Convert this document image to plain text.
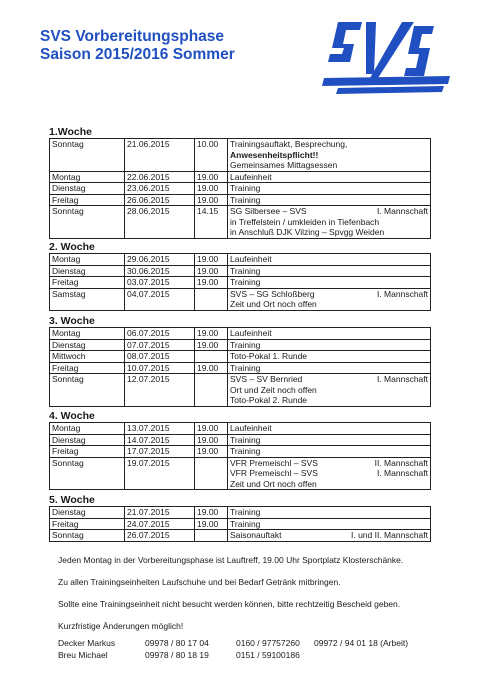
SVS Vorbereitungsphase
Saison 2015/2016 Sommer
1.Woche
Sonntag	21.06.2015	10.00	Trainingsauftakt, Besprechung,
Anwesenheitspflicht!!
Gemeinsames Mittagsessen

Montag	22.06.2015	19.00	Laufeinheit
Dienstag	23.06.2015	19.00	Training
Freitag	26.06.2015	19.00	Training
Sonntag	28.06.2015	14.15	SG Silbersee – SVS I. Mannschaft
in Treffelstein / umkleiden in Tiefenbach
in Anschluß DJK Vilzing – Spvgg Weiden
2. Woche
Montag	29.06.2015	19.00	Laufeinheit
Dienstag	30.06.2015	19.00	Training
Freitag	03.07.2015	19.00	Training
Samstag	04.07.2015		SVS – SG Schloßberg I. Mannschaft
Zeit und Ort noch offen
3. Woche
Montag	06.07.2015	19.00	Laufeinheit
Dienstag	07.07.2015	19.00	Training
Mittwoch	08.07.2015		Toto-Pokal 1. Runde
Freitag	10.07.2015	19.00	Training
Sonntag	12.07.2015		SVS – SV Bernried I. Mannschaft
Ort und Zeit noch offen
Toto-Pokal 2. Runde
4. Woche
Montag	13.07.2015	19.00	Laufeinheit
Dienstag	14.07.2015	19.00	Training
Freitag	17.07.2015	19.00	Training
Sonntag	19.07.2015		VFR Premeischl – SVS II. Mannschaft
VFR Premeischl – SVS I. Mannschaft
Zeit und Ort noch offen
5. Woche
Dienstag	21.07.2015	19.00	Training
Freitag	24.07.2015	19.00	Training
Sonntag	26.07.2015		Saisonauftakt I. und II. Mannschaft

Jeden Montag in der Vorbereitungsphase ist Lauftreff, 19.00 Uhr Sportplatz Klosterschänke.

Zu allen Trainingseinheiten Laufschuhe und bei Bedarf Getränk mitbringen.

Sollte eine Trainingseinheit nicht besucht werden können, bitte rechtzeitig Bescheid geben.

Kurzfristige Änderungen möglich!

Decker Markus	09978 / 80 17 04	0160 / 97757260 09972 / 94 01 18 (Arbeit)
Breu Michael	09978 / 80 18 19	0151 / 59100186
